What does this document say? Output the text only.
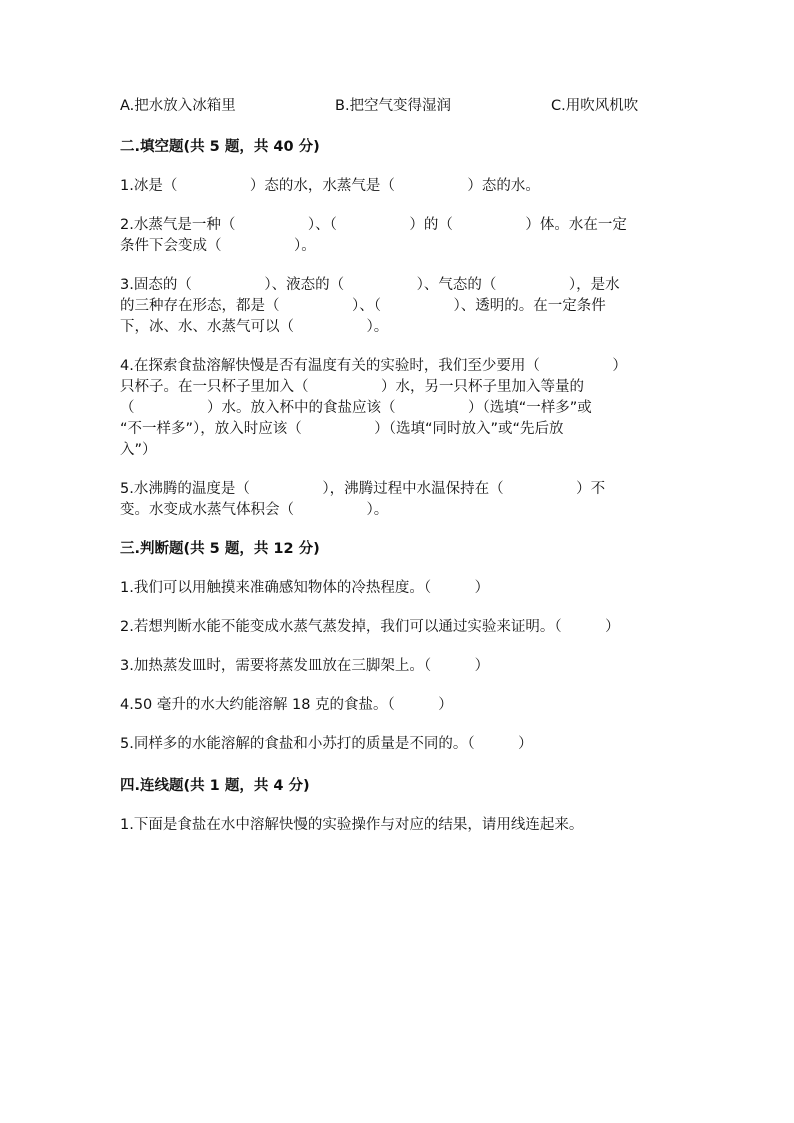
A.把水放入冰箱里	B.把空气变得湿润	C.用吹风机吹
二.填空题(共 5 题，共 40 分)
1.冰是（　　　　　）态的水，水蒸气是（　　　　　）态的水。
2.水蒸气是一种（　　　　　）、（　　　　　）的（　　　　　）体。水在一定
条件下会变成（　　　　　）。
3.固态的（　　　　　）、液态的（　　　　　）、气态的（　　　　　），是水
的三种存在形态，都是（　　　　　）、（　　　　　）、透明的。在一定条件
下，冰、水、水蒸气可以（　　　　　）。
4.在探索食盐溶解快慢是否有温度有关的实验时，我们至少要用（　　　　　）
只杯子。在一只杯子里加入（　　　　　）水，另一只杯子里加入等量的
（　　　　　）水。放入杯中的食盐应该（　　　　　）（选填“一样多”或
“不一样多”），放入时应该（　　　　　）（选填“同时放入”或“先后放
入”）
5.水沸腾的温度是（　　　　　），沸腾过程中水温保持在（　　　　　）不
变。水变成水蒸气体积会（　　　　　）。
三.判断题(共 5 题，共 12 分)
1.我们可以用触摸来准确感知物体的冷热程度。（　　　）
2.若想判断水能不能变成水蒸气蒸发掉，我们可以通过实验来证明。（　　　）
3.加热蒸发皿时，需要将蒸发皿放在三脚架上。（　　　）
4.50 毫升的水大约能溶解 18 克的食盐。（　　　）
5.同样多的水能溶解的食盐和小苏打的质量是不同的。（　　　）
四.连线题(共 1 题，共 4 分)
1.下面是食盐在水中溶解快慢的实验操作与对应的结果，请用线连起来。
